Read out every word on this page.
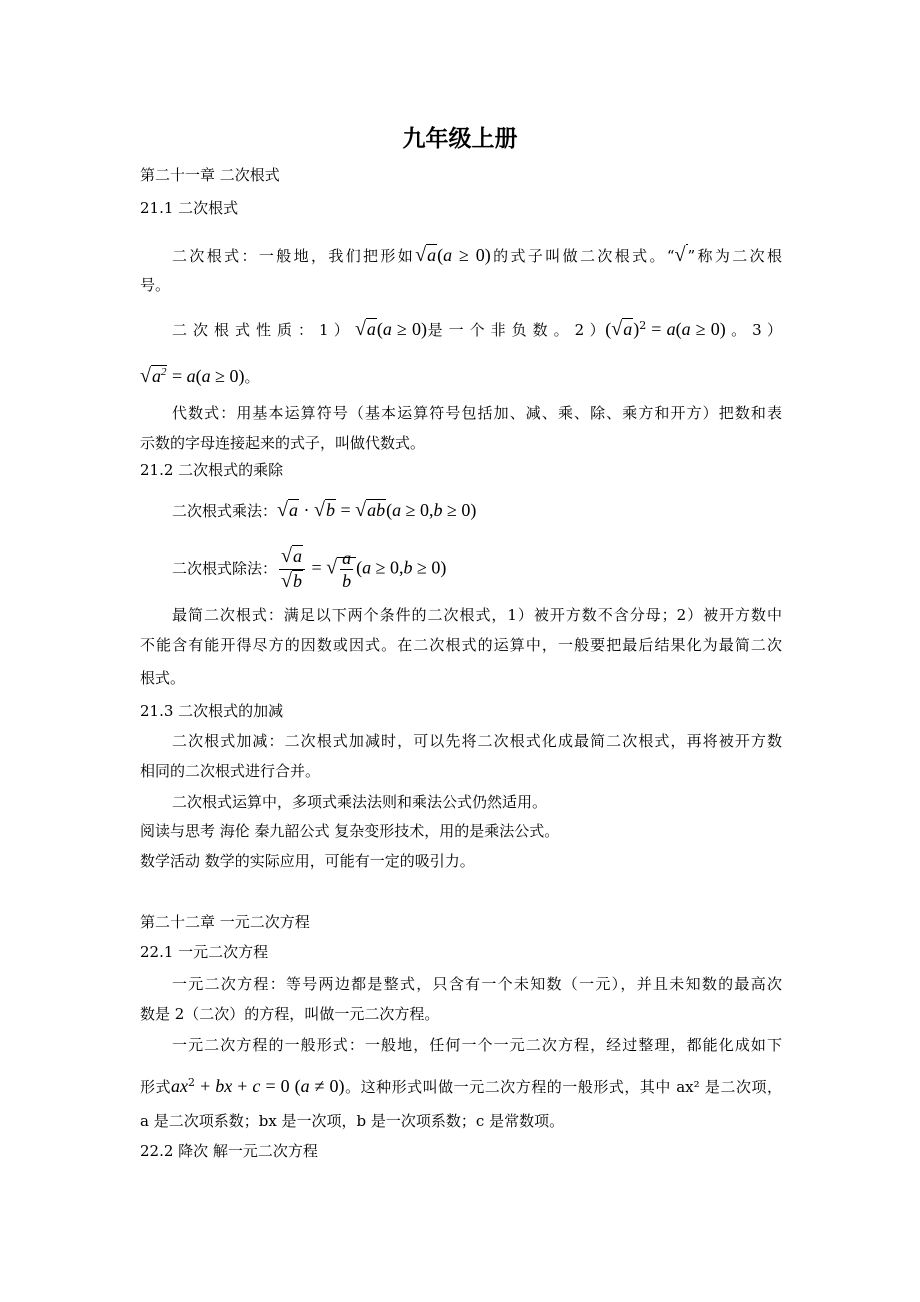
九年级上册
第二十一章 二次根式
21.1 二次根式
二次根式：一般地，我们把形如√a(a ≥ 0)的式子叫做二次根式。“√ ”称为二次根
号。
二 次 根 式 性 质 ： 1 ） √a(a ≥ 0)是 一 个 非 负 数 。 2 ）$(√a)^2 = a(a \ge 0)$ 。 3 ）
$√a^2 = a(a \ge 0)$。
代数式：用基本运算符号（基本运算符号包括加、减、乘、除、乘方和开方）把数和表
示数的字母连接起来的式子，叫做代数式。
21.2 二次根式的乘除
二次根式乘法：√a · √b = √ab(a ≥ 0,b ≥ 0)
二次根式除法： $\frac{√a}{√b}$ = √ $\frac{a}{b} (a \ge 0,b \ge 0)$
最简二次根式：满足以下两个条件的二次根式，1）被开方数不含分母；2）被开方数中
不能含有能开得尽方的因数或因式。在二次根式的运算中，一般要把最后结果化为最简二次
根式。
21.3 二次根式的加减
二次根式加减：二次根式加减时，可以先将二次根式化成最简二次根式，再将被开方数
相同的二次根式进行合并。
二次根式运算中，多项式乘法法则和乘法公式仍然适用。
阅读与思考 海伦 秦九韶公式 复杂变形技术，用的是乘法公式。
数学活动 数学的实际应用，可能有一定的吸引力。
第二十二章 一元二次方程
22.1 一元二次方程
一元二次方程：等号两边都是整式，只含有一个未知数（一元），并且未知数的最高次
数是 2（二次）的方程，叫做一元二次方程。
一元二次方程的一般形式：一般地，任何一个一元二次方程，经过整理，都能化成如下
形式$ax^2$ + bx + c = 0 (a ≠ 0)。这种形式叫做一元二次方程的一般形式，其中 ax² 是二次项，
a 是二次项系数；bx 是一次项，b 是一次项系数；c 是常数项。
22.2 降次 解一元二次方程
